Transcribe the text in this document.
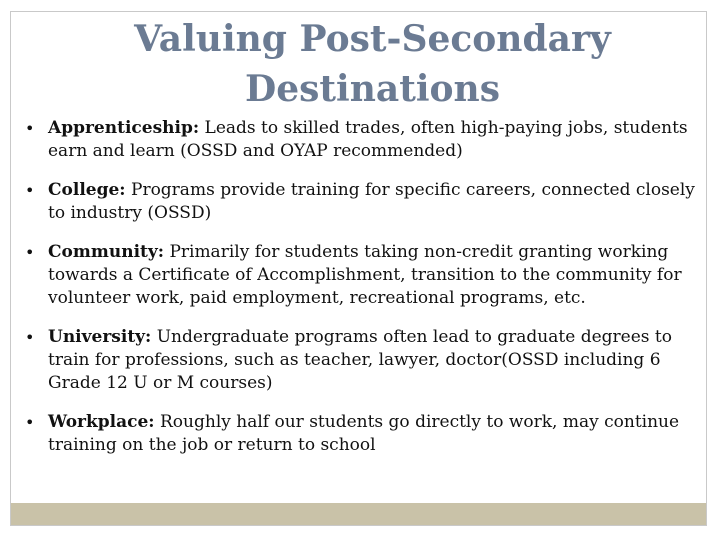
Valuing Post-Secondary Destinations
• Apprenticeship: Leads to skilled trades, often high-paying jobs, students earn and learn (OSSD and OYAP recommended)
• College: Programs provide training for specific careers, connected closely to industry (OSSD)
• Community: Primarily for students taking non-credit granting working towards a Certificate of Accomplishment, transition to the community for volunteer work, paid employment, recreational programs, etc.
• University: Undergraduate programs often lead to graduate degrees to train for professions, such as teacher, lawyer, doctor(OSSD including 6 Grade 12 U or M courses)
• Workplace: Roughly half our students go directly to work, may continue training on the job or return to school
